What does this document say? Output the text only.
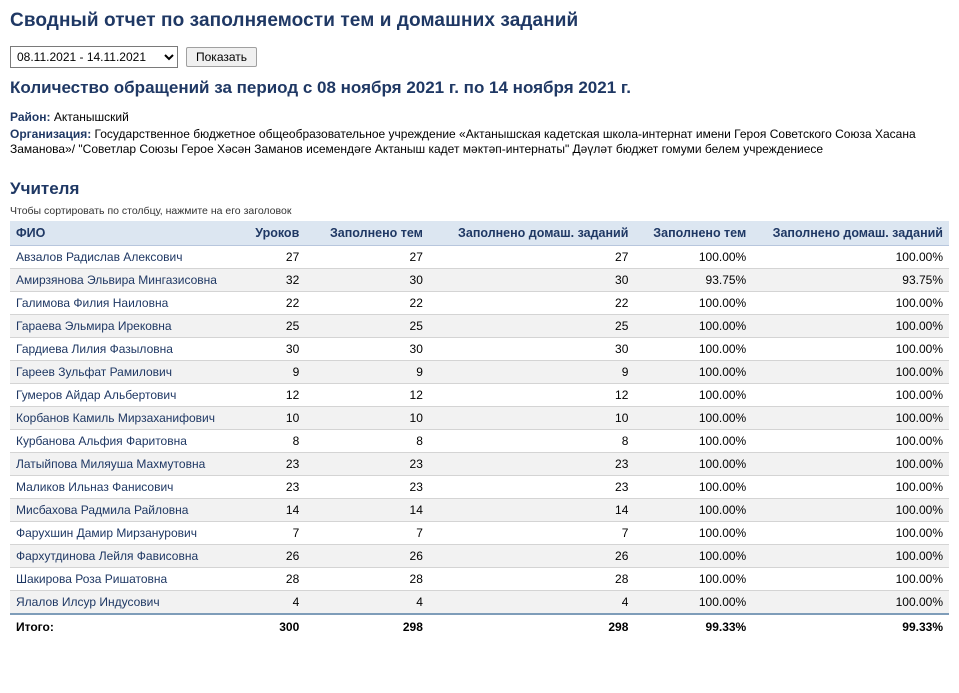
Сводный отчет по заполняемости тем и домашних заданий
08.11.2021 - 14.11.2021
Показать
Количество обращений за период с 08 ноября 2021 г. по 14 ноября 2021 г.
Район: Актанышский
Организация: Государственное бюджетное общеобразовательное учреждение «Актанышская кадетская школа-интернат имени Героя Советского Союза Хасана Заманова»/ "Советлар Союзы Герое Хәсән Заманов исемендәге Актаныш кадет мәктәп-интернаты" Дәүләт бюджет гомуми белем учреждениесе
Учителя
Чтобы сортировать по столбцу, нажмите на его заголовок
ФИО	Уроков	Заполнено тем	Заполнено домаш. заданий	Заполнено тем	Заполнено домаш. заданий
Авзалов Радислав Алексович	27	27	27	100.00%	100.00%
Амирзянова Эльвира Мингазисовна	32	30	30	93.75%	93.75%
Галимова Филия Наиловна	22	22	22	100.00%	100.00%
Гараева Эльмира Ирековна	25	25	25	100.00%	100.00%
Гардиева Лилия Фазыловна	30	30	30	100.00%	100.00%
Гареев Зульфат Рамилович	9	9	9	100.00%	100.00%
Гумеров Айдар Альбертович	12	12	12	100.00%	100.00%
Корбанов Камиль Мирзаханифович	10	10	10	100.00%	100.00%
Курбанова Альфия Фаритовна	8	8	8	100.00%	100.00%
Латыйпова Миляуша Махмутовна	23	23	23	100.00%	100.00%
Маликов Ильназ Фанисович	23	23	23	100.00%	100.00%
Мисбахова Радмила Райловна	14	14	14	100.00%	100.00%
Фарухшин Дамир Мирзанурович	7	7	7	100.00%	100.00%
Фархутдинова Лейля Фависовна	26	26	26	100.00%	100.00%
Шакирова Роза Ришатовна	28	28	28	100.00%	100.00%
Ялалов Илсур Индусович	4	4	4	100.00%	100.00%
Итого:	300	298	298	99.33%	99.33%
